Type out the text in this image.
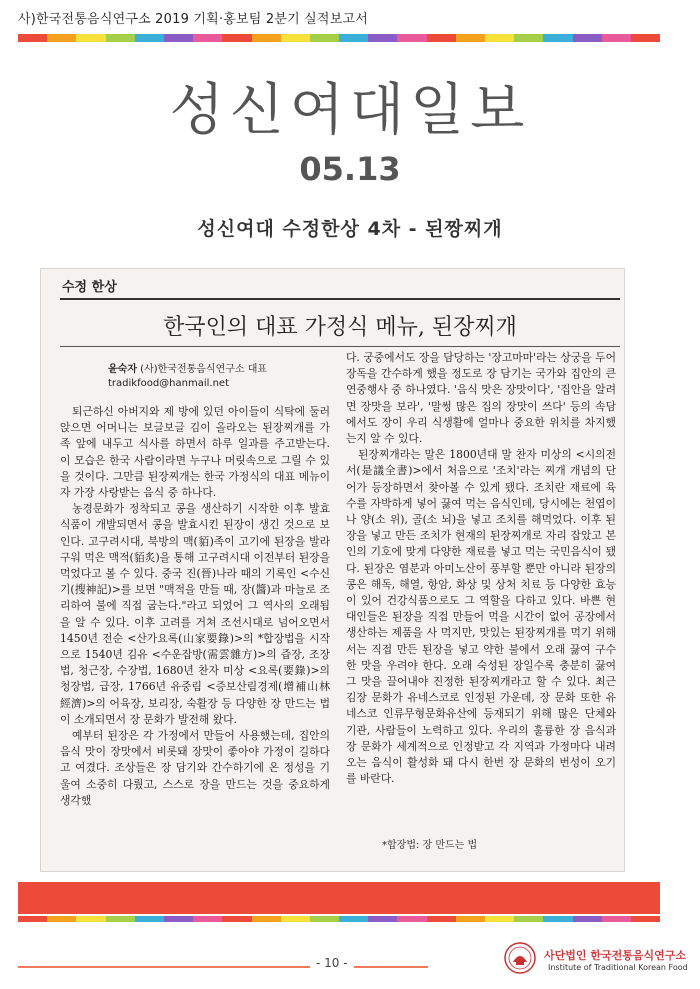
사)한국전통음식연구소 2019 기획·홍보팀 2분기 실적보고서
성신여대일보
05.13
성신여대 수정한상 4차 - 된짱찌개
수정 한상
한국인의 대표 가정식 메뉴, 된장찌개
윤숙자 (사)한국전통음식연구소 대표
tradikfood@hanmail.net

퇴근하신 아버지와 제 방에 있던 아이들이 식탁에 둘러앉으면 어머니는 보글보글 김이 올라오는 된장찌개를 가족 앞에 내두고 식사를 하면서 하루 일과를 주고받는다. 이 모습은 한국 사람이라면 누구나 머릿속으로 그릴 수 있을 것이다. 그만큼 된장찌개는 한국 가정식의 대표 메뉴이자 가장 사랑받는 음식 중 하나다.

농경문화가 정착되고 콩을 생산하기 시작한 이후 발효식품이 개발되면서 콩을 발효시킨 된장이 생긴 것으로 보인다. 고구려시대, 북방의 맥(貊)족이 고기에 된장을 발라 구워 먹은 맥적(貊炙)을 통해 고구려시대 이전부터 된장을 먹었다고 볼 수 있다. 중국 진(晉)나라 때의 기록인 <수신기(搜神記)>를 보면 "맥적을 만들 때, 장(醬)과 마늘로 조리하여 불에 직접 굽는다."라고 되었어 그 역사의 오래됨을 알 수 있다. 이후 고려를 거쳐 조선시대로 넘어오면서 1450년 전순 <산가요록(山家要錄)>의 *합장법을 시작으로 1540년 김유 <수운잡방(需雲雜方)>의 즙장, 조장법, 청근장, 수장법, 1680년 찬자 미상 <요록(要錄)>의 청장법, 급장, 1766년 유중림 <증보산림경제(增補山林經濟)>의 어육장, 보리장, 숙활장 등 다양한 장 만드는 법이 소개되면서 장 문화가 발전해 왔다.

예부터 된장은 각 가정에서 만들어 사용했는데, 집안의 음식 맛이 장맛에서 비롯돼 장맛이 좋아야 가정이 길하다고 여겼다. 조상들은 장 담기와 간수하기에 온 정성을 기울여 소중히 다뤘고, 스스로 장을 만드는 것을 중요하게 생각했

다. 궁중에서도 장을 담당하는 '장고마마'라는 상궁을 두어 장독을 간수하게 했을 정도로 장 담기는 국가와 집안의 큰 연중행사 중 하나였다. '음식 맛은 장맛이다', '집안을 알려면 장맛을 보라', '말썽 많은 집의 장맛이 쓰다' 등의 속담에서도 장이 우리 식생활에 얼마나 중요한 위치를 차지했는지 알 수 있다.

된장찌개라는 말은 1800년대 말 찬자 미상의 <시의전서(是議全書)>에서 처음으로 '조치'라는 찌개 개념의 단어가 등장하면서 찾아볼 수 있게 됐다. 조치란 재료에 육수를 자박하게 넣어 끓여 먹는 음식인데, 당시에는 천엽이나 양(소 위), 골(소 뇌)을 넣고 조치를 해먹었다. 이후 된장을 넣고 만든 조치가 현재의 된장찌개로 자리 잡았고 본인의 기호에 맞게 다양한 재료를 넣고 먹는 국민음식이 됐다. 된장은 염분과 아미노산이 풍부할 뿐만 아니라 된장의 콩은 해독, 해열, 항암, 화상 및 상처 치료 등 다양한 효능이 있어 건강식품으로도 그 역할을 다하고 있다. 바쁜 현대인들은 된장을 직접 만들어 먹을 시간이 없어 공장에서 생산하는 제품을 사 먹지만, 맛있는 된장찌개를 먹기 위해서는 직접 만든 된장을 넣고 약한 불에서 오래 끓여 구수한 맛을 우려야 한다. 오래 숙성된 장일수록 충분히 끓여 그 맛을 끌어내야 진정한 된장찌개라고 할 수 있다. 최근 김장 문화가 유네스코로 인정된 가운데, 장 문화 또한 유네스코 인류무형문화유산에 등재되기 위해 많은 단체와 기관, 사람들이 노력하고 있다. 우리의 훌륭한 장 음식과 장 문화가 세계적으로 인정받고 각 지역과 가정마다 내려오는 음식이 활성화 돼 다시 한번 장 문화의 번성이 오기를 바란다.

*합장법: 장 만드는 법
- 10 -
사단법인 한국전통음식연구소
Institute of Traditional Korean Food
